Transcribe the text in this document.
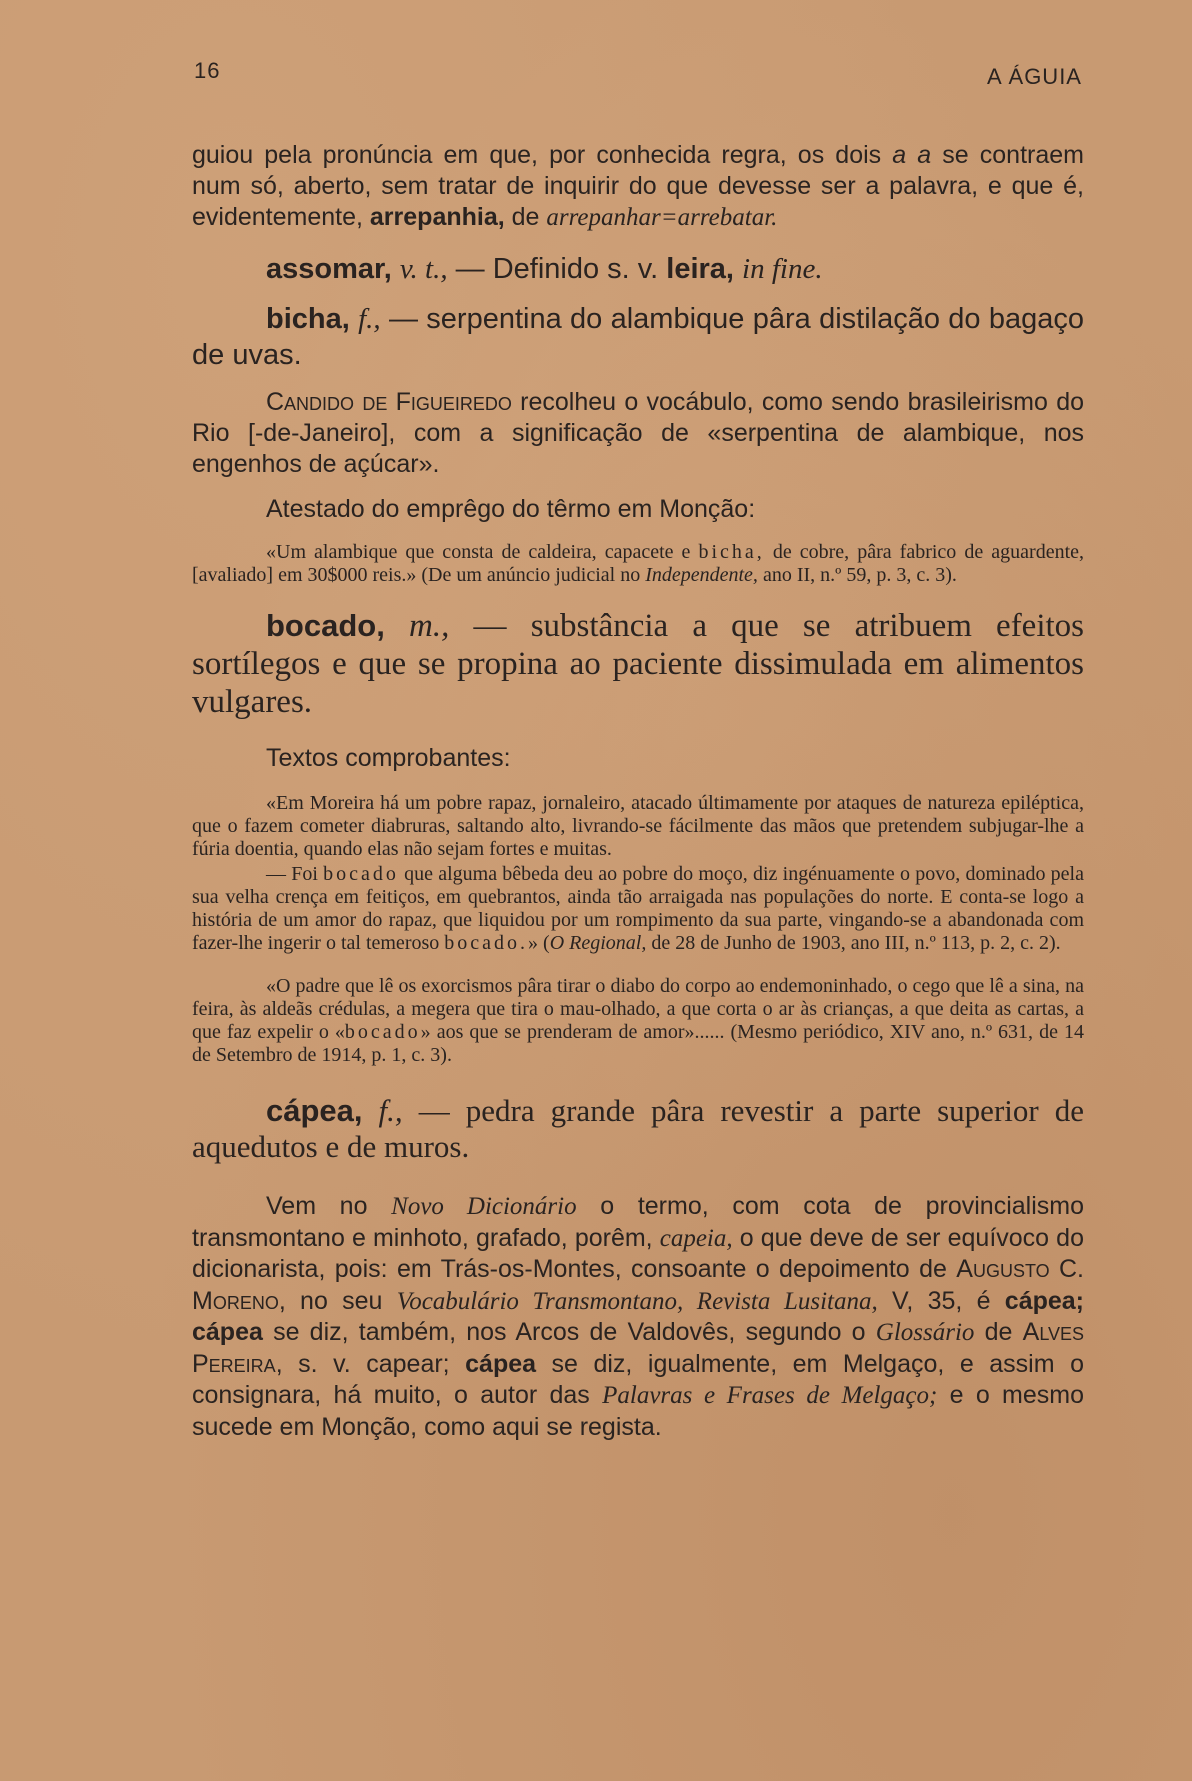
16	A ÁGUIA

guiou pela pronúncia em que, por conhecida regra, os dois a a se contraem num só, aberto, sem tratar de inquirir do que devesse ser a palavra, e que é, evidentemente, arrepanhia, de arrepanhar=arrebatar.

assomar, v. t., — Definido s. v. leira, in fine.

bicha, f., — serpentina do alambique pâra distilação do bagaço de uvas.

Candido de Figueiredo recolheu o vocábulo, como sendo brasileirismo do Rio [-de-Janeiro], com a significação de «serpentina de alambique, nos engenhos de açúcar».

Atestado do emprêgo do têrmo em Monção:

«Um alambique que consta de caldeira, capacete e bicha, de cobre, pâra fabrico de aguardente, [avaliado] em 30$000 reis.» (De um anúncio judicial no Independente, ano II, n.º 59, p. 3, c. 3).

bocado, m., — substância a que se atribuem efeitos sortílegos e que se propina ao paciente dissimulada em alimentos vulgares.

Textos comprobantes:

«Em Moreira há um pobre rapaz, jornaleiro, atacado últimamente por ataques de natureza epiléptica, que o fazem cometer diabruras, saltando alto, livrando-se fácilmente das mãos que pretendem subjugar-lhe a fúria doentia, quando elas não sejam fortes e muitas.

— Foi bocado que alguma bêbeda deu ao pobre do moço, diz ingénuamente o povo, dominado pela sua velha crença em feitiços, em quebrantos, ainda tão arraigada nas populações do norte. E conta-se logo a história de um amor do rapaz, que liquidou por um rompimento da sua parte, vingando-se a abandonada com fazer-lhe ingerir o tal temeroso bocado.» (O Regional, de 28 de Junho de 1903, ano III, n.º 113, p. 2, c. 2).

«O padre que lê os exorcismos pâra tirar o diabo do corpo ao endemoninhado, o cego que lê a sina, na feira, às aldeãs crédulas, a megera que tira o mau-olhado, a que corta o ar às crianças, a que deita as cartas, a que faz expelir o «bocado» aos que se prenderam de amor»...... (Mesmo periódico, XIV ano, n.º 631, de 14 de Setembro de 1914, p. 1, c. 3).

cápea, f., — pedra grande pâra revestir a parte superior de aquedutos e de muros.

Vem no Novo Dicionário o termo, com cota de provincialismo transmontano e minhoto, grafado, porêm, capeia, o que deve de ser equívoco do dicionarista, pois: em Trás-os-Montes, consoante o depoimento de Augusto C. Moreno, no seu Vocabulário Transmontano, Revista Lusitana, V, 35, é cápea; cápea se diz, também, nos Arcos de Valdovês, segundo o Glossário de Alves Pereira, s. v. capear; cápea se diz, igualmente, em Melgaço, e assim o consignara, há muito, o autor das Palavras e Frases de Melgaço; e o mesmo sucede em Monção, como aqui se regista.
